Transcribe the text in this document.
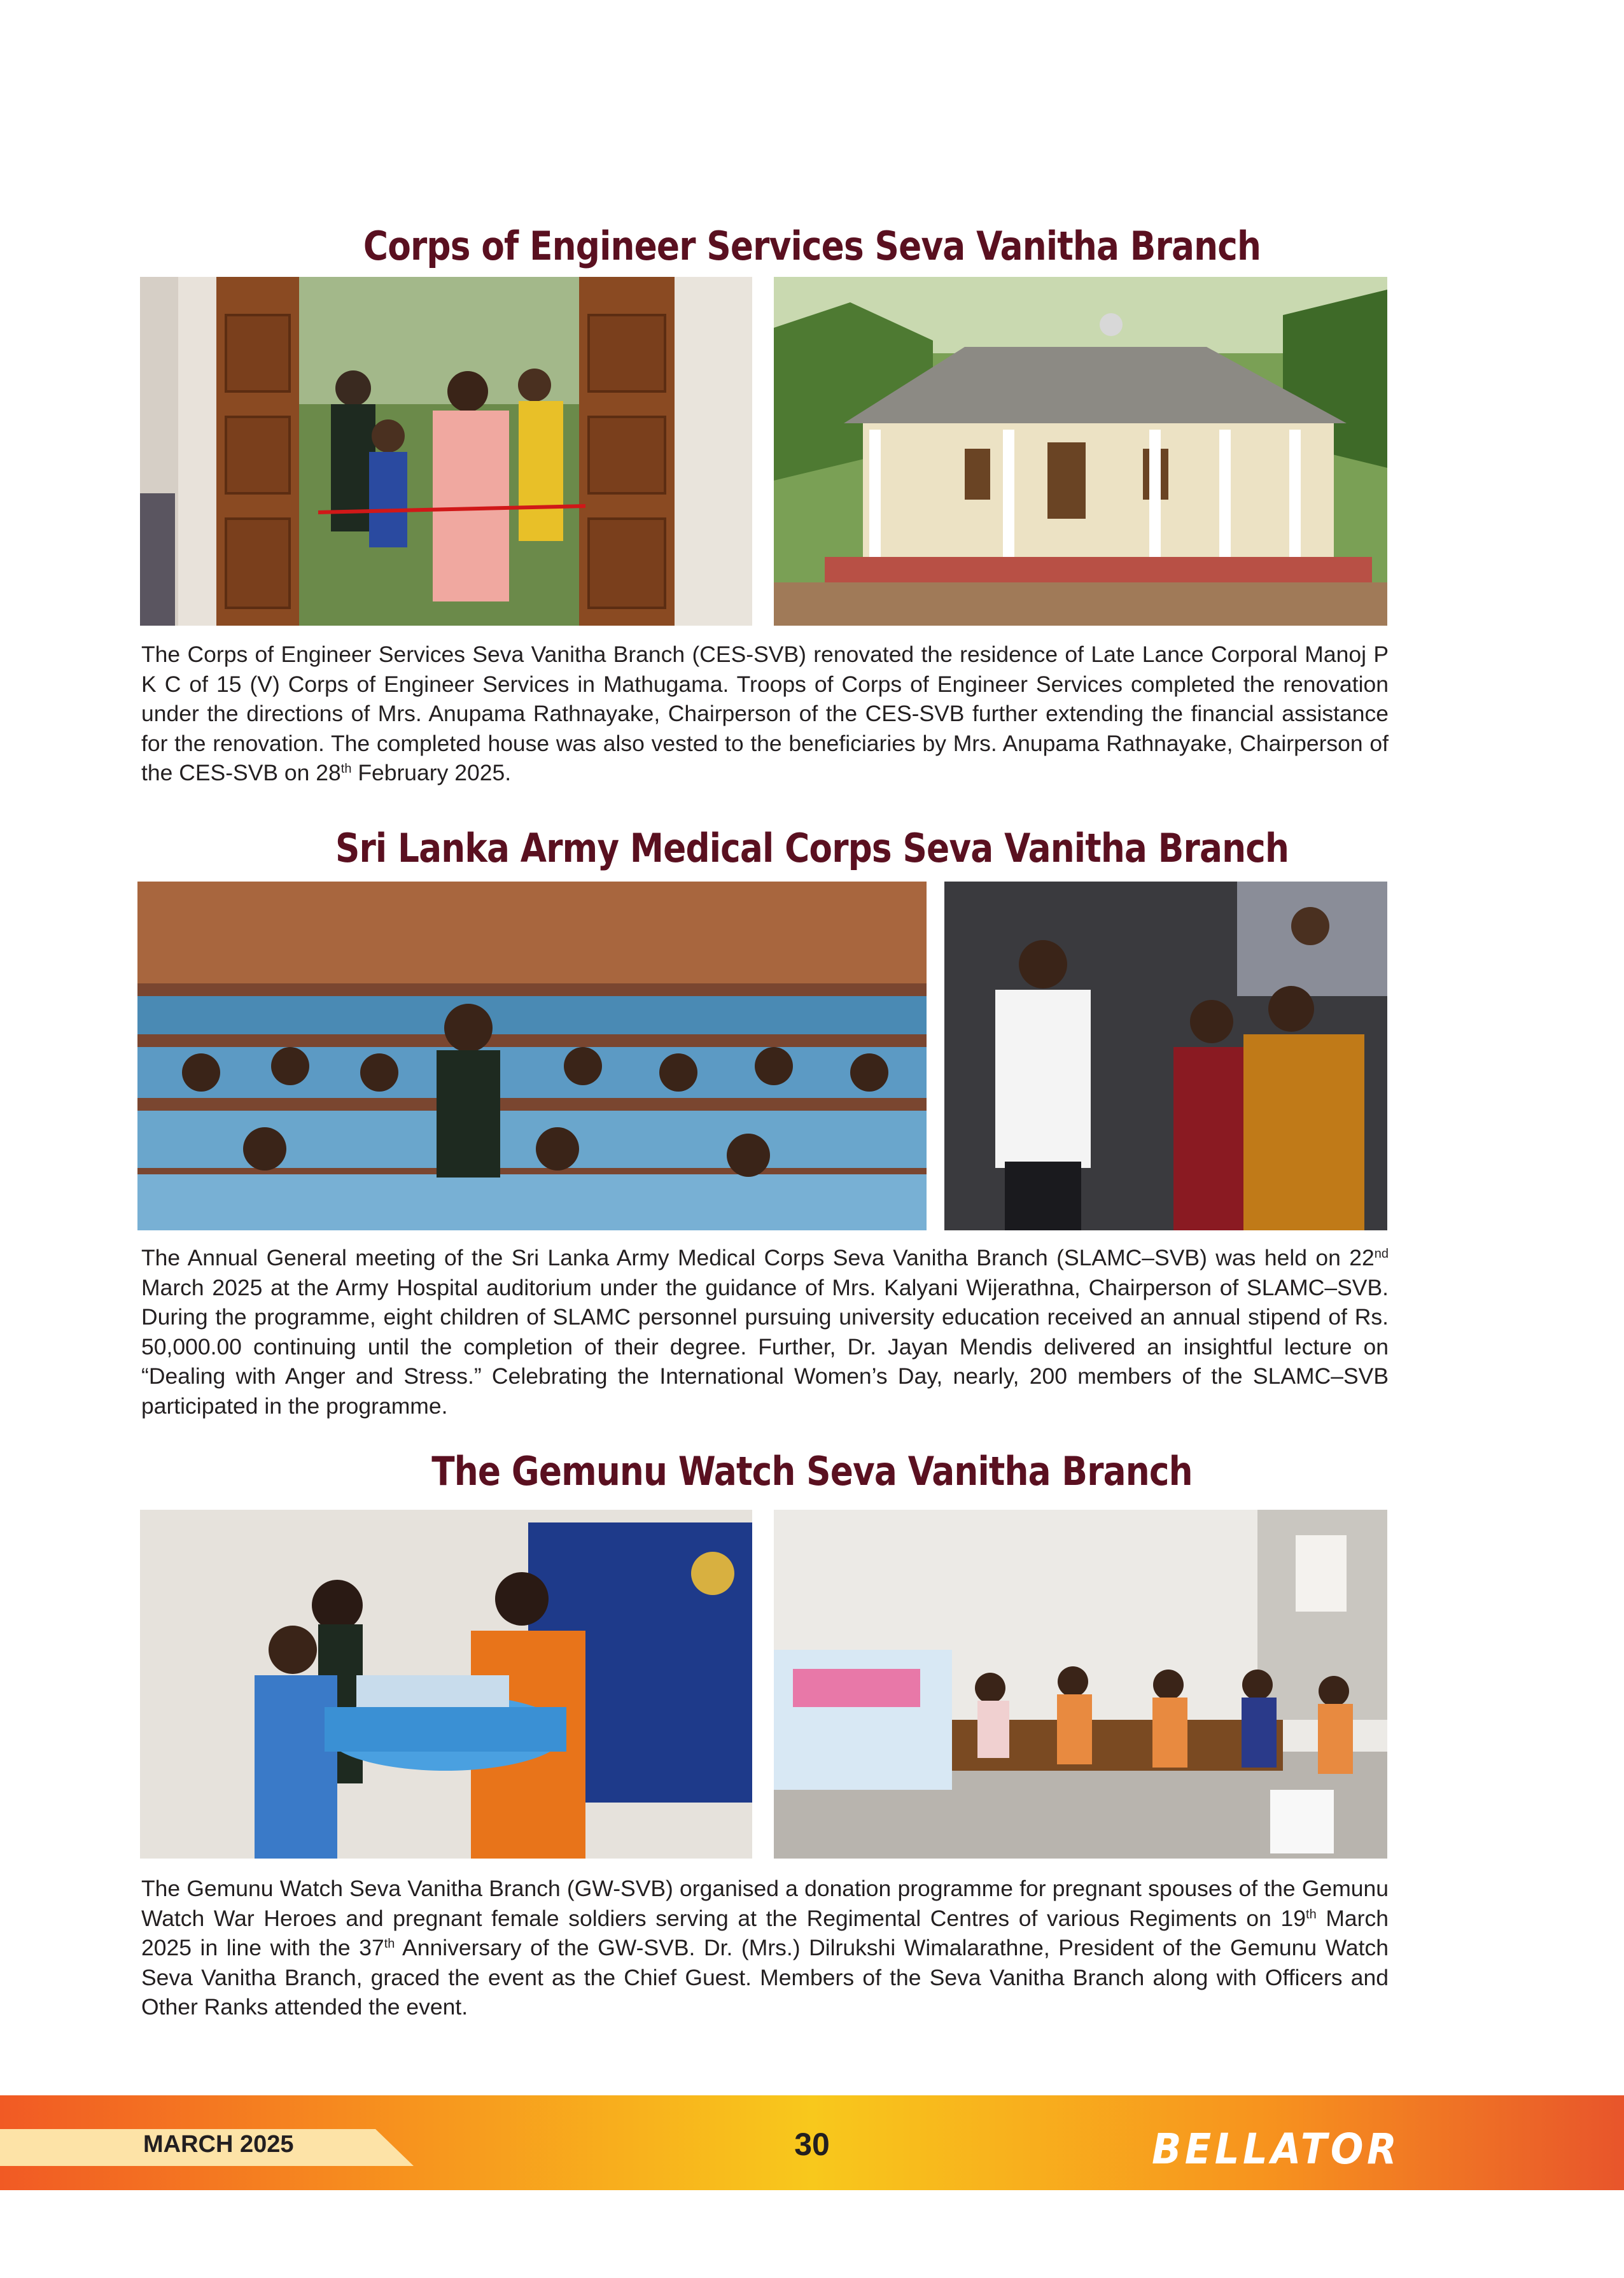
Corps of Engineer Services Seva Vanitha Branch

The Corps of Engineer Services Seva Vanitha Branch (CES-SVB) renovated the residence of Late Lance Corporal Manoj P K C of 15 (V) Corps of Engineer Services in Mathugama. Troops of Corps of Engineer Services completed the renovation under the directions of Mrs. Anupama Rathnayake, Chairperson of the CES-SVB further extending the financial assistance for the renovation. The completed house was also vested to the beneficiaries by Mrs. Anupama Rathnayake, Chairperson of the CES-SVB on 28th February 2025.

Sri Lanka Army Medical Corps Seva Vanitha Branch

The Annual General meeting of the Sri Lanka Army Medical Corps Seva Vanitha Branch (SLAMC–SVB) was held on 22nd March 2025 at the Army Hospital auditorium under the guidance of Mrs. Kalyani Wijerathna, Chairperson of SLAMC–SVB. During the programme, eight children of SLAMC personnel pursuing university education received an annual stipend of Rs. 50,000.00 continuing until the completion of their degree. Further, Dr. Jayan Mendis delivered an insightful lecture on “Dealing with Anger and Stress.” Celebrating the International Women’s Day, nearly, 200 members of the SLAMC–SVB participated in the programme.

The Gemunu Watch Seva Vanitha Branch

The Gemunu Watch Seva Vanitha Branch (GW-SVB) organised a donation programme for pregnant spouses of the Gemunu Watch War Heroes and pregnant female soldiers serving at the Regimental Centres of various Regiments on 19th March 2025 in line with the 37th Anniversary of the GW-SVB. Dr. (Mrs.) Dilrukshi Wimalarathne, President of the Gemunu Watch Seva Vanitha Branch, graced the event as the Chief Guest. Members of the Seva Vanitha Branch along with Officers and Other Ranks attended the event.

MARCH 2025	30	BELLATOR
